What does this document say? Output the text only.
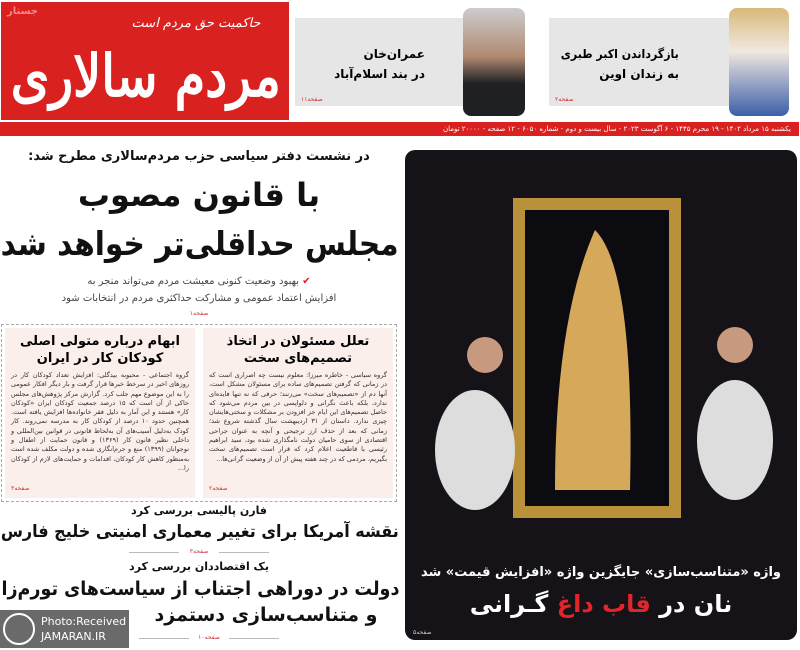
جستار
حاکمیت حق مردم است
مردم سالاری	بازگرداندن اکبر طبری
به زندان اوین
صفحه۲
عمران‌خان
در بند اسلام‌آباد
صفحه۱۱
یکشنبه ۱۵ مرداد ۱۴۰۲ - ۱۹ محرم ۱۴۴۵ - ۶ آگوست ۲۰۲۳ - سال بیست و دوم - شماره ۶۰۵۰ - ۱۲ صفحه - ۲۰۰۰۰ تومان
در نشست دفتر سیاسی حزب مردم‌سالاری مطرح شد:
با قانون مصوب
مجلس حداقلی‌تر خواهد شد
✔ بهبود وضعیت کنونی معیشت مردم می‌تواند منجر به
افزایش اعتماد عمومی و مشارکت حداکثری مردم در انتخابات شود
صفحه۱
تعلل مسئولان در اتخاذ تصمیم‌های سخت

گروه سیاسی - خاطره میرزا: معلوم نیست چه اصراری است که در زمانی که گرفتن تصمیم‌های ساده برای مسئولان مشکل است، آنها دم از «تصمیم‌های سخت» می‌زنند؛ حرفی که نه تنها فایده‌ای ندارد، بلکه باعث نگرانی و دلواپسی در بین مردم می‌شود که حاصل تصمیم‌های این ایام جز افزودن بر مشکلات و سختی‌هایشان چیزی ندارد. داستان از ۳۱ اردیبهشت سال گذشته شروع شد؛ زمانی که بعد از حذف ارز ترجیحی و آنچه به عنوان جراحی اقتصادی از سوی حامیان دولت نامگذاری شده بود، سید ابراهیم رئیسی با قاطعیت اعلام کرد که قرار است تصمیم‌های سخت بگیریم، مردمی که در چند هفته پیش از آن از وضعیت گرانی‌ها...

صفحه۲
ابهام درباره متولی اصلی کودکان کار در ایران

گروه اجتماعی - محبوبه بیدگلی: افزایش تعداد کودکان کار در روزهای اخیر در سرخط خبرها قرار گرفت و بار دیگر افکار عمومی را به این موضوع مهم جلب کرد. گزارش مرکز پژوهش‌های مجلس حاکی از آن است که ۱۵ درصد جمعیت کودکان ایران «کودکان کار» هستند و این آمار به دلیل فقر خانواده‌ها افزایش یافته است. همچنین حدود ۱۰ درصد از کودکان کار به مدرسه نمی‌روند. کار کودک به‌دلیل آسیب‌های آن به‌لحاظ قانونی در قوانین بین‌المللی و داخلی نظیر قانون کار (۱۳۶۹) و قانون حمایت از اطفال و نوجوانان (۱۳۹۹) منع و جرم‌انگاری شده و دولت مکلف شده است به‌منظور کاهش کار کودکان، اقدامات و حمایت‌های لازم از کودکان را...

صفحه۳
فارن پالیسی بررسی کرد
نقشه آمریکا برای تغییر معماری امنیتی خلیج فارس
صفحه۳
یک اقتصاددان بررسی کرد
دولت در دوراهی اجتناب از سیاست‌های تورم‌زا
و متناسب‌سازی دستمزد
صفحه۱۰
واژه «متناسب‌سازی» جایگزین واژه «افزایش قیمت» شد
نان در قاب داغ گـرانی
صفحه۵
Photo:Received
JAMARAN.IR
